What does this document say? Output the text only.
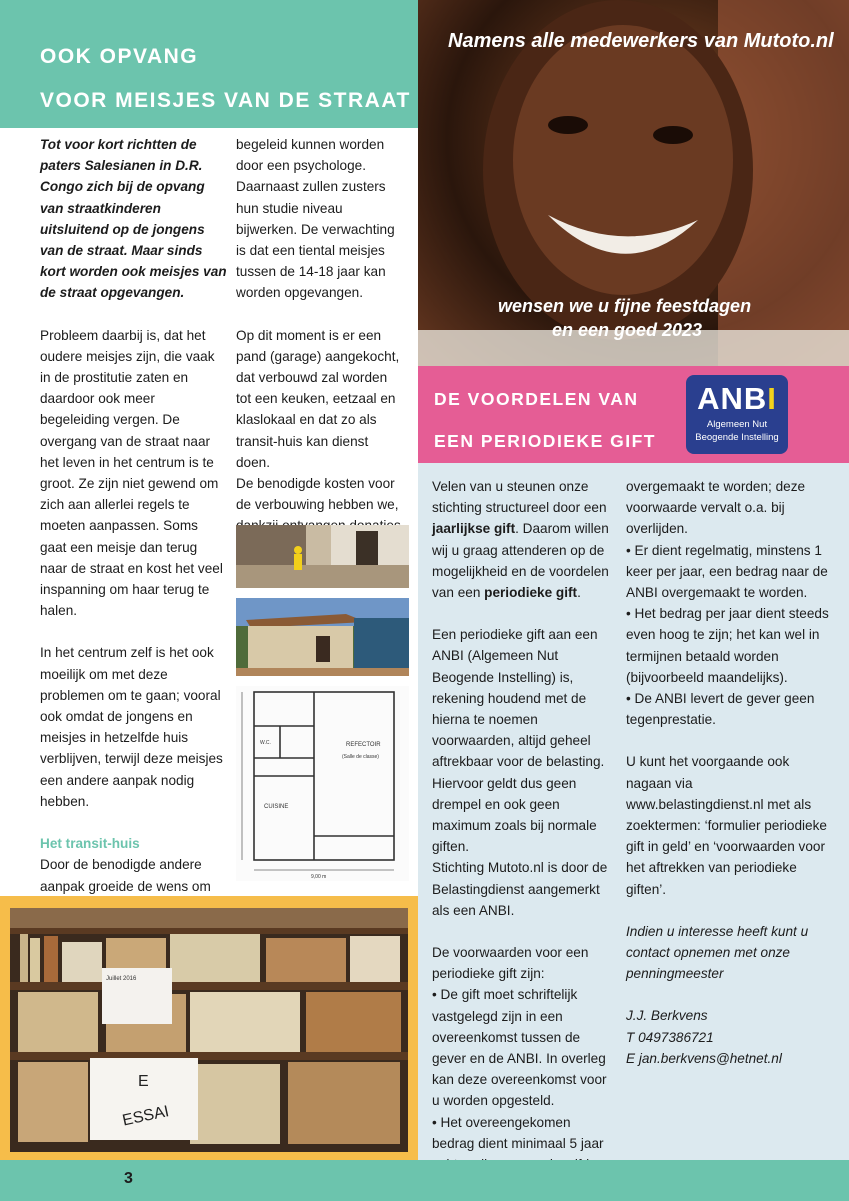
OOK OPVANG
VOOR MEISJES VAN DE STRAAT

Tot voor kort richtten de paters Salesianen in D.R. Congo zich bij de opvang van straatkinderen uitsluitend op de jongens van de straat. Maar sinds kort worden ook meisjes van de straat opgevangen.

Probleem daarbij is, dat het oudere meisjes zijn, die vaak in de prostitutie zaten en daardoor ook meer begeleiding vergen. De overgang van de straat naar het leven in het centrum is te groot. Ze zijn niet gewend om zich aan allerlei regels te moeten aanpassen. Soms gaat een meisje dan terug naar de straat en kost het veel inspanning om haar terug te halen.

In het centrum zelf is het ook moeilijk om met deze problemen om te gaan; vooral ook omdat de jongens en meisjes in hetzelfde huis verblijven, terwijl deze meisjes een andere aanpak nodig hebben.

Het transit-huis

Door de benodigde andere aanpak groeide de wens om

begeleid kunnen worden door een psychologe. Daarnaast zullen zusters hun studie niveau bijwerken. De verwachting is dat een tiental meisjes tussen de 14-18 jaar kan worden opgevangen.

Op dit moment is er een pand (garage) aangekocht, dat verbouwd zal worden tot een keuken, eetzaal en klaslokaal en dat zo als transit-huis kan dienst doen.

De benodigde kosten voor de verbouwing hebben we,

REFECTOIR
(Salle de classe)
CUISINE
W.C.
9,00 m
Namens alle medewerkers van Mutoto.nl
wensen we u fijne feestdagen
en een goed 2023
DE VOORDELEN VAN
EEN PERIODIEKE GIFT
ANBI
Algemeen Nut
Beogende Instelling

Velen van u steunen onze stichting structureel door een jaarlijkse gift. Daarom willen wij u graag attenderen op de mogelijkheid en de voordelen van een periodieke gift.

Een periodieke gift aan een ANBI (Algemeen Nut Beogende Instelling) is, rekening houdend met de hierna te noemen voorwaarden, altijd geheel aftrekbaar voor de belasting. Hiervoor geldt dus geen drempel en ook geen maximum zoals bij normale giften.

Stichting Mutoto.nl is door de Belastingdienst aangemerkt als een ANBI.

De voorwaarden voor een periodieke gift zijn:

• De gift moet schriftelijk vastgelegd zijn in een overeenkomst tussen de gever en de ANBI. In overleg kan deze overeenkomst voor u worden opgesteld.

• Het overeengekomen bedrag dient minimaal 5 jaar

overgemaakt te worden; deze voorwaarde vervalt o.a. bij overlijden.

• Er dient regelmatig, minstens 1 keer per jaar, een bedrag naar de ANBI overgemaakt te worden.

• Het bedrag per jaar dient steeds even hoog te zijn; het kan wel in termijnen betaald worden (bijvoorbeeld maandelijks).

• De ANBI levert de gever geen tegenprestatie.

U kunt het voorgaande ook nagaan via www.belastingdienst.nl met als zoektermen: ‘formulier periodieke gift in geld’ en ‘voorwaarden voor het aftrekken van periodieke giften’.

Indien u interesse heeft kunt u contact opnemen met onze penningmeester

J.J. Berkvens

T 0497386721

E jan.berkvens@hetnet.nl

Juillet 2016
E
ESSAI
3
